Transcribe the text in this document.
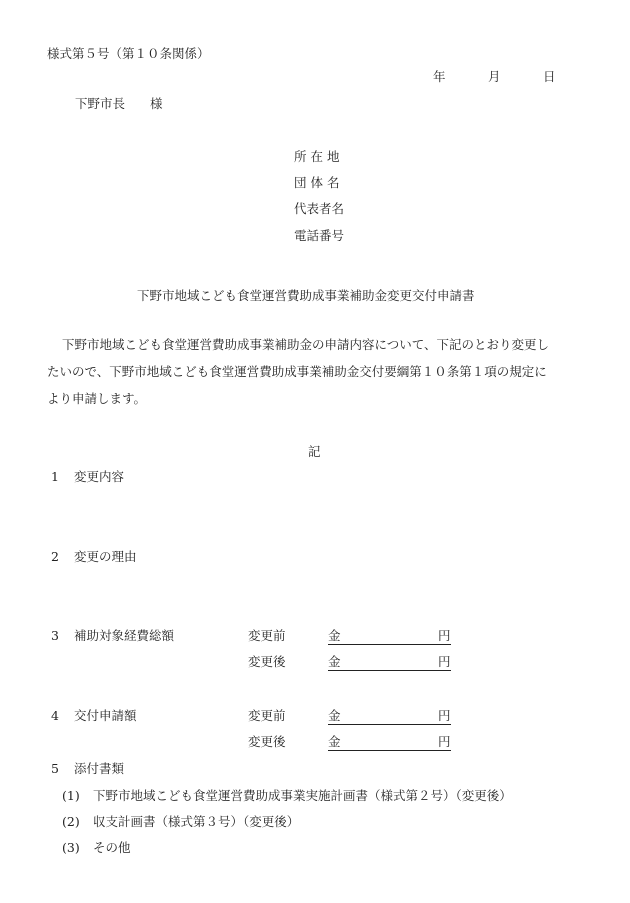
様式第５号（第１０条関係）
年	月	日
下野市長　　様
所 在 地
団 体 名
代表者名
電話番号
下野市地域こども食堂運営費助成事業補助金変更交付申請書
下野市地域こども食堂運営費助成事業補助金の申請内容について、下記のとおり変更し
たいので、下野市地域こども食堂運営費助成事業補助金交付要綱第１０条第１項の規定に
より申請します。
記
1 変更内容
2 変更の理由
3 補助対象経費総額	変更前	金	円
変更後	金	円
4 交付申請額	変更前	金	円
変更後	金	円
5 添付書類
(1) 下野市地域こども食堂運営費助成事業実施計画書（様式第２号）（変更後）
(2) 収支計画書（様式第３号）（変更後）
(3) その他
